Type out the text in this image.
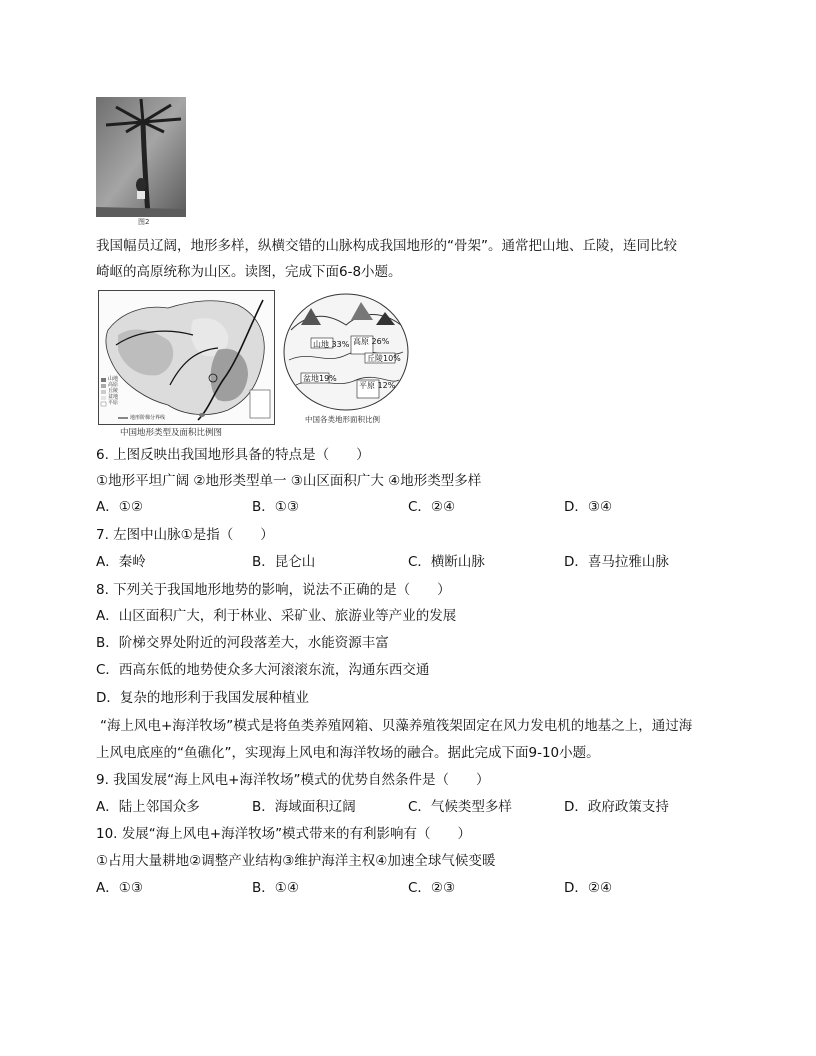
图2
我国幅员辽阔，地形多样，纵横交错的山脉构成我国地形的“骨架”。通常把山地、丘陵，连同比较
崎岖的高原统称为山区。读图，完成下面6-8小题。
中国地形类型及面积比例图
山地 33% 高原 26%
丘陵10%
盆地19%
平原 12%
中国各类地形面积比例
6. 上图反映出我国地形具备的特点是（　　）
①地形平坦广阔 ②地形类型单一 ③山区面积广大 ④地形类型多样
A．①②	B．①③	C．②④	D．③④
7. 左图中山脉①是指（　　）
A．秦岭	B．昆仑山	C．横断山脉	D．喜马拉雅山脉
8. 下列关于我国地形地势的影响，说法不正确的是（　　）
A．山区面积广大，利于林业、采矿业、旅游业等产业的发展
B．阶梯交界处附近的河段落差大，水能资源丰富
C．西高东低的地势使众多大河滚滚东流，沟通东西交通
D．复杂的地形利于我国发展种植业
“海上风电+海洋牧场”模式是将鱼类养殖网箱、贝藻养殖筏架固定在风力发电机的地基之上，通过海
上风电底座的“鱼礁化”，实现海上风电和海洋牧场的融合。据此完成下面9-10小题。
9. 我国发展“海上风电+海洋牧场”模式的优势自然条件是（　　）
A．陆上邻国众多	B．海域面积辽阔	C．气候类型多样	D．政府政策支持
10. 发展“海上风电+海洋牧场”模式带来的有利影响有（　　）
①占用大量耕地②调整产业结构③维护海洋主权④加速全球气候变暖
A．①③	B．①④	C．②③	D．②④
山地
高原
丘陵
盆地
平原
地形阶梯分界线
